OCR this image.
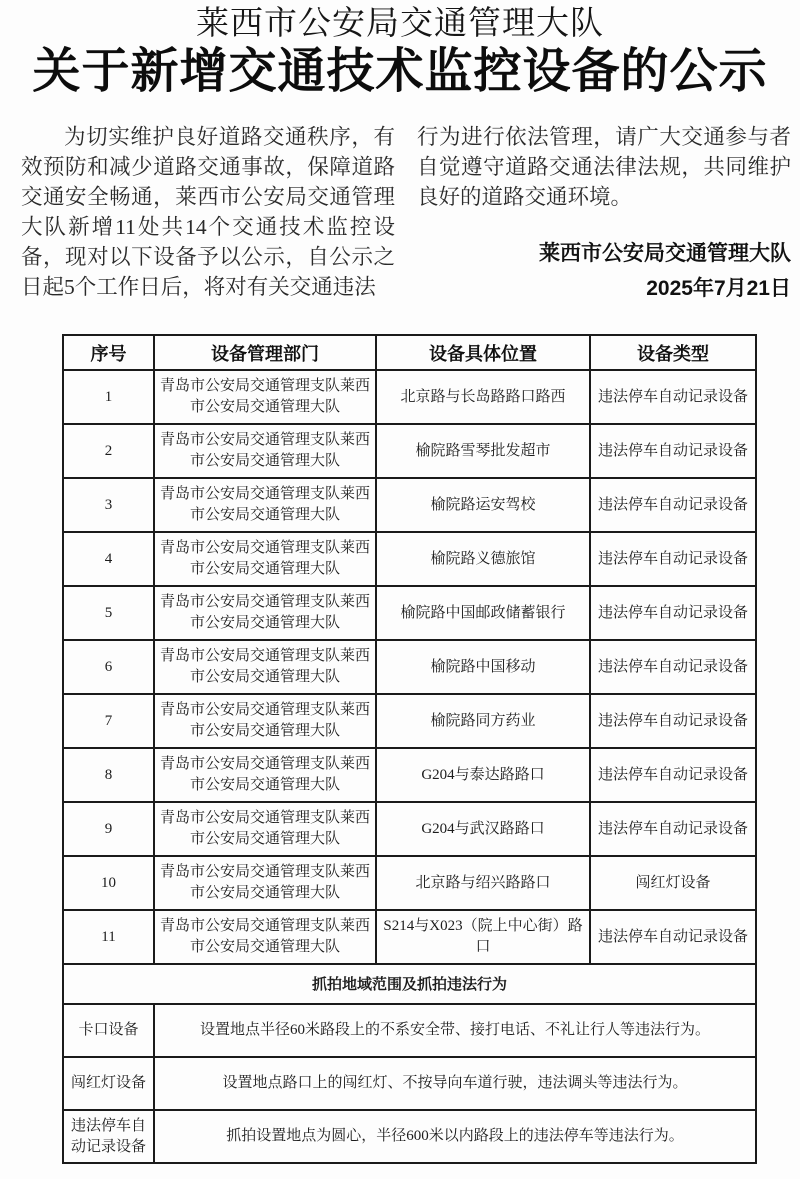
莱西市公安局交通管理大队
关于新增交通技术监控设备的公示

为切实维护良好道路交通秩序，有效预防和减少道路交通事故，保障道路交通安全畅通，莱西市公安局交通管理大队新增11处共14个交通技术监控设备，现对以下设备予以公示，自公示之日起5个工作日后，将对有关交通违法

行为进行依法管理，请广大交通参与者自觉遵守道路交通法律法规，共同维护良好的道路交通环境。

莱西市公安局交通管理大队
2025年7月21日
序号	设备管理部门	设备具体位置	设备类型
1	青岛市公安局交通管理支队莱西市公安局交通管理大队	北京路与长岛路路口路西	违法停车自动记录设备
2	青岛市公安局交通管理支队莱西市公安局交通管理大队	榆院路雪琴批发超市	违法停车自动记录设备
3	青岛市公安局交通管理支队莱西市公安局交通管理大队	榆院路运安驾校	违法停车自动记录设备
4	青岛市公安局交通管理支队莱西市公安局交通管理大队	榆院路义德旅馆	违法停车自动记录设备
5	青岛市公安局交通管理支队莱西市公安局交通管理大队	榆院路中国邮政储蓄银行	违法停车自动记录设备
6	青岛市公安局交通管理支队莱西市公安局交通管理大队	榆院路中国移动	违法停车自动记录设备
7	青岛市公安局交通管理支队莱西市公安局交通管理大队	榆院路同方药业	违法停车自动记录设备
8	青岛市公安局交通管理支队莱西市公安局交通管理大队	G204与泰达路路口	违法停车自动记录设备
9	青岛市公安局交通管理支队莱西市公安局交通管理大队	G204与武汉路路口	违法停车自动记录设备
10	青岛市公安局交通管理支队莱西市公安局交通管理大队	北京路与绍兴路路口	闯红灯设备
11	青岛市公安局交通管理支队莱西市公安局交通管理大队	S214与X023（院上中心街）路口	违法停车自动记录设备
抓拍地域范围及抓拍违法行为			
卡口设备	设置地点半径60米路段上的不系安全带、接打电话、不礼让行人等违法行为。		
闯红灯设备	设置地点路口上的闯红灯、不按导向车道行驶，违法调头等违法行为。		
违法停车自动记录设备	抓拍设置地点为圆心，半径600米以内路段上的违法停车等违法行为。		
